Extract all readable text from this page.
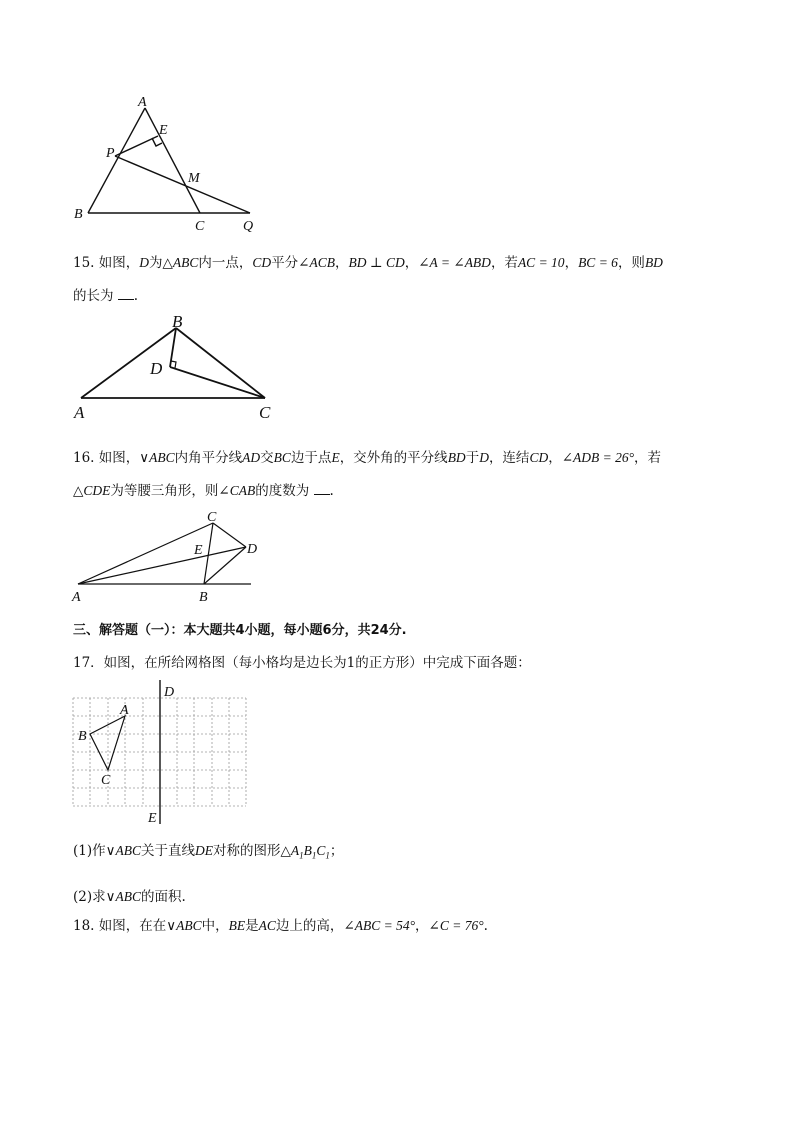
A
E
P
M
B
C	Q
15. 如图，D为△ABC内一点，CD平分∠ACB，BD ⊥ CD，∠A = ∠ABD，若AC = 10，BC = 6，则BD
的长为 .
B
D
A	C
16. 如图，∨ABC内角平分线AD交BC边于点E，交外角的平分线BD于D，连结CD，∠ADB = 26°，若
△CDE为等腰三角形，则∠CAB的度数为 .
C
E	D
A	B
三、解答题（一）：本大题共4小题，每小题6分，共24分.
17．如图，在所给网格图（每小格均是边长为1的正方形）中完成下面各题：
D
A
B
C
E
(1)作∨ABC关于直线DE对称的图形$\triangle A_1B_1C_1$；
(2)求∨ABC的面积.
18. 如图，在在∨ABC中，BE是AC边上的高，∠ABC = 54°，∠C = 76°.
